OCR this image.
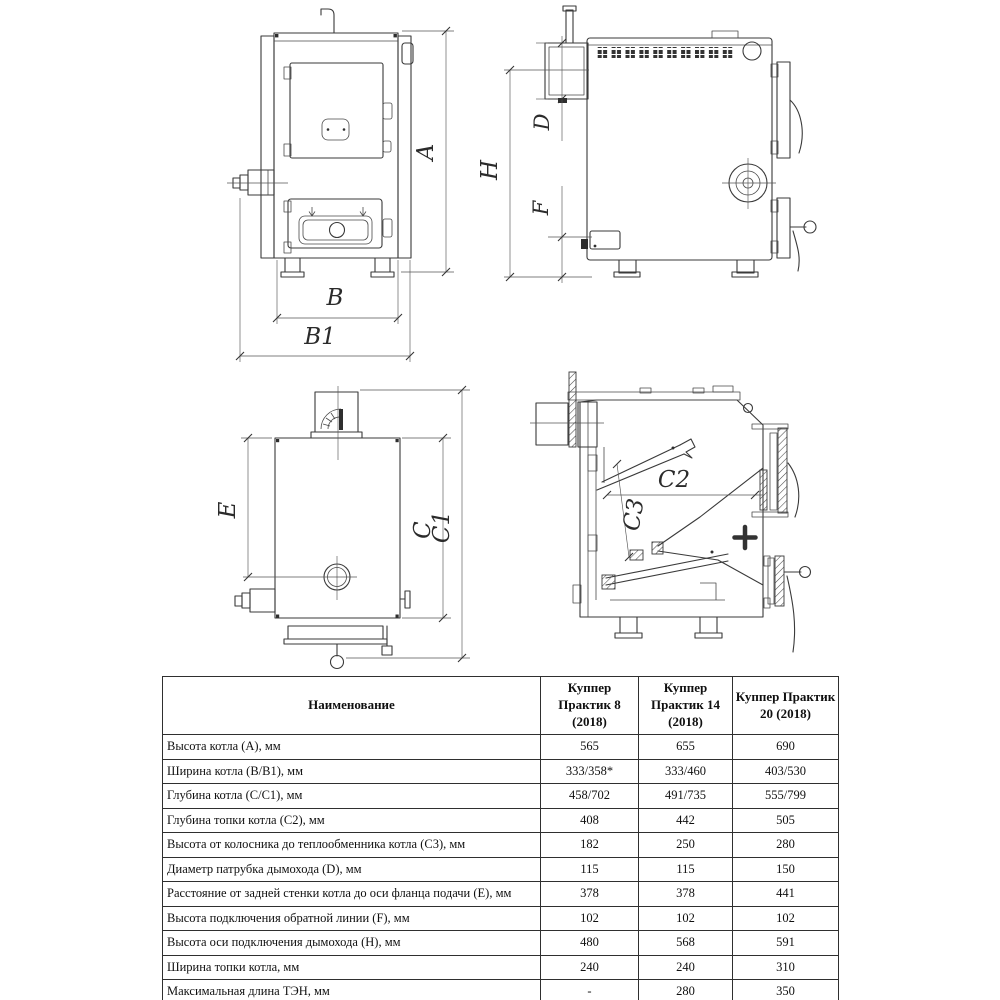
A
B
B1
H
D
F
E
C
C1
C2
C3
Наименование	Куппер Практик 8 (2018)	Куппер Практик 14 (2018)	Куппер Практик 20 (2018)
Высота котла (А), мм	565	655	690
Ширина котла (В/В1), мм	333/358*	333/460	403/530
Глубина котла (С/С1), мм	458/702	491/735	555/799
Глубина топки котла (С2), мм	408	442	505
Высота от колосника до теплообменника котла (С3), мм	182	250	280
Диаметр патрубка дымохода (D), мм	115	115	150
Расстояние от задней стенки котла до оси фланца подачи (Е), мм	378	378	441
Высота подключения обратной линии (F), мм	102	102	102
Высота оси подключения дымохода (Н), мм	480	568	591
Ширина топки котла, мм	240	240	310
Максимальная длина ТЭН, мм	-	280	350
